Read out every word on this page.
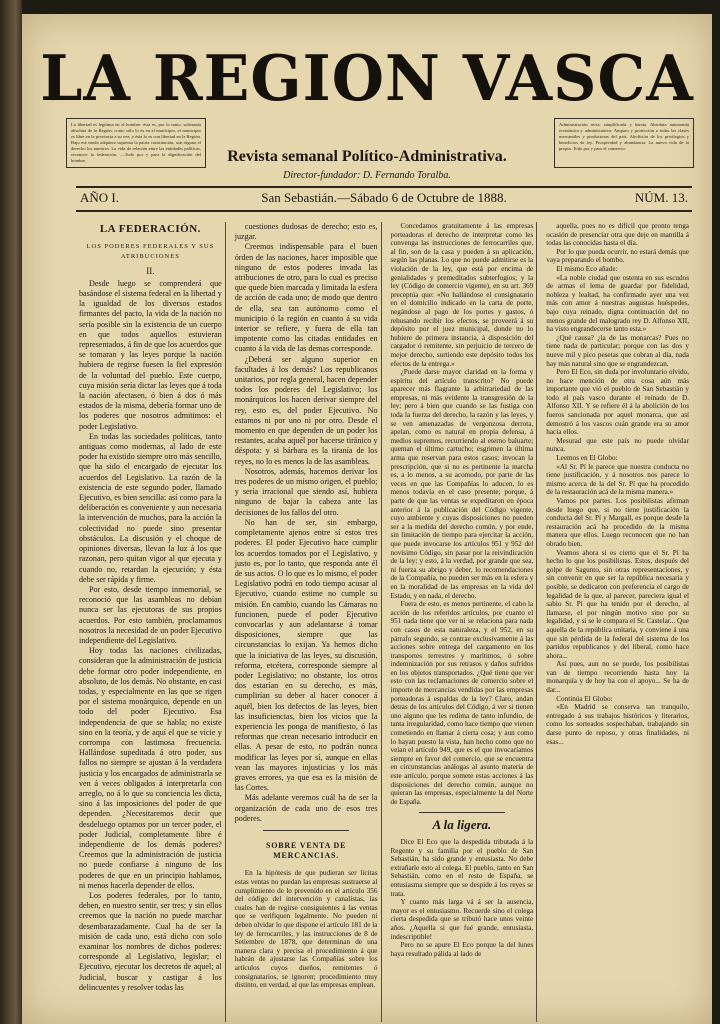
LA REGION VASCA
La libertad es legítima en el hombre: ésta es, por lo tanto, soberanía absoluta de la Región, como sólo lo es en el municipio, el municipio es libre en la provincia a su vez, y ésta lo es con libertad en la Región. Bajo ese modo adquiere suprema la patria constitución, son órgano el derecho los nuestros. La vida de relación entre las entidades políticas, reconoce la federación. —Todo por y para la dignificación del hombre.
Administración recta, simplificada y barata. Absoluta autonomía económica y administrativa. Amparo y protección a todas las clases mercantiles y productoras del país. Abolición de los privilegios y beneficios de ley. Prosperidad y abundancia. La nueva vida de la propia. Todo por y para el comercio.
Revista semanal Político-Administrativa.
Director-fundador: D. Fernando Toralba.
AÑO I.	San Sebastián.—Sábado 6 de Octubre de 1888.	NÚM. 13.
LA FEDERACIÓN.
LOS PODERES FEDERALES Y SUS ATRIBUCIONES
II.

Desde luego se comprenderá que basándose el sistema federal en la libertad y la igualdad de los diversos estados firmantes del pacto, la vida de la nación no sería posible sin la existencia de un cuerpo en que todos aquellos estuvieran representados, á fin de que los acuerdos que se tomaran y las leyes porque la nación hubiera de regirse fuesen la fiel expresión de la voluntad del pueblo. Este cuerpo, cuya misión sería dictar las leyes que á toda la nación afectasen, ó bien á dos ó más estados de la misma, debería formar uno de los poderes que nosotros admitimos: el poder Legislativo.

En todas las sociedades políticas, tanto antiguas como modernas, al lado de este poder ha existido siempre otro más sencillo, que ha sido el encargado de ejecutar los acuerdos del Legislativo. La razón de la existencia de este segundo poder, llamado Ejecutivo, es bien sencilla: así como para la deliberación es conveniente y aun necesaria la intervención de muchos, para la acción la colectividad no puede sino presentar obstáculos. La discusión y el choque de opiniones diversas, llevan la luz á los que razonan, pero quitan vigor al que ejecuta y cuando no, retardan la ejecución; y ésta debe ser rápida y firme.

Por esto, desde tiempo inmemorial, se reconoció que las asambleas no debían nunca ser las ejecutoras de sus propios acuerdos. Por esto también, proclamamos nosotros la necesidad de un poder Ejecutivo independiente del Legislativo.

Hoy todas las naciones civilizadas, consideran que la administración de justicia debe formar otro poder independiente, en absoluto, de los demás. No obstante, en casi todas, y especialmente en las que se rigen por el sistema monárquico, depende en un todo del poder Ejecutivo. Esa independencia de que se habla; no existe sino en la teoría, y de aquí el que se vicie y corrompa con lastimosa frecuencia. Hallándose supeditada á otro poder, sus fallos no siempre se ajustan á la verdadera justicia y los encargados de administrarla se ven á veces obligados á interpretarla con arreglo, no á lo que su conciencia les dicta, sino á las imposiciones del poder de que dependen. ¿Necesitaremos decir que desdeluego optamos por un tercer poder, el poder Judicial, completamente libre é independiente de los demás poderes? Creemos que la administración de justicia no puede confiarse á ninguno de los poderes de que en un principio hablamos, ni menos hacerla depender de ellos.

Los poderes federales, por lo tanto, deben, en nuestro sentir, ser tres; y sin ellos creemos que la nación no puede marchar desembarazadamente. Cual ha de ser la misión de cada uno, está dicho con solo examinar los nombres de dichos poderes: corresponde al Legislativo, legislar; el Ejecutivo, ejecutar los decretos de aquel; al Judicial, buscar y castigar á los delincuentes y resolver todas las

cuestiones dudosas de derecho; esto es, juzgar.

Creemos indispensable para el buen órden de las naciones, hacer imposible que ninguno de estos poderes invada las atribuciones de otro, para lo cual es preciso que quede bien marcada y limitada la esfera de acción de cada uno; de modo que dentro de ella, sea tan autónomo como el municipio ó la región en cuanto á su vida interior se refiere, y fuera de ella tan impotente como las citadas entidades en cuanto á la vida de las demas corresponde.

¿Deberá ser alguno superior en facultades á los demás? Los republicanos unitarios, por regla general, hacen depender todos los poderes del Legislativo; los monárquicos los hacen derivar siempre del rey, esto es, del poder Ejecutivo. No estamos ni por uno ni por otro. Desde el momento en que dependen de un poder los restantes, acaba aquél por hacerse tiránico y déspota: y si bárbara es la tiranía de los reyes, no lo es menos la de las asambleas.

Nosotros, además, hacemos derivar los tres poderes de un mismo origen, el pueblo; y sería irracional que siendo así, hubiera ninguno de bajar la cabeza ante las decisiones de los fallos del otro.

No han de ser, sin embargo, completamente ajenos entre sí estos tres poderes. El poder Ejecutivo hace cumplir los acuerdos tomados por el Legislativo, y justo es, por lo tanto, que responda ante él de sus actos. O lo que es lo mismo, el poder Legislativo podrá en todo tiempo acusar al Ejecutivo, cuando estime no cumple su misión. En cambio, cuando las Cámaras no funcionen, puede el poder Ejecutivo convocarlas y aun adelantarse á tomar disposiciones, siempre que las circunstancias lo exijan. Ya hemos dicho que la iniciativa de las leyes, su discusión, reforma, etcétera, corresponde siempre al poder Legislativo; no obstante, los otros dos estarían en su derecho, es más, cumplirían su deber al hacer conocer á aquél, bien los defectos de las leyes, bien las insuficiencias, bien los vicios que la experiencia les ponga de manifiesto, ó las reformas que crean necesario introducir en ellas. A pesar de esto, no podrán nunca modificar las leyes por sí, aunque en ellas vean las mayores injusticias y los más graves errores, ya que esa es la misión de las Cortes.

Más adelante veremos cuál ha de ser la organización de cada uno de esos tres poderes.

SOBRE VENTA DE MERCANCIAS.

En la hipótesis de que pudieran ser lícitas estas ventas no puedan las empresas sustraerse al cumplimiento de lo prevenido en el artículo 356 del código del intervención y canalistas, las cuales han de regirse consiguientes á las ventas que se verifiquen legalmente. No pueden ni deben olvidar lo que dispone el artículo 181 de la ley de ferrocarriles, y las instrucciones de 8 de Setiembre de 1878, que determinan de una manera clara y precisa el procedimiento á que habrán de ajustarse las Compañías sobre los artículos cuyos dueños, remitentes ó consignatarios, se ignoren; procedimiento muy distinto, en verdad, al que las empresas emplean.

Concedamos gratuitamente á las empresas porteadoras el derecho de interpretar como les convenga las instrucciones de ferrocarriles que, al fin, son de la casa y pueden á su aplicación, según las planas. Lo que no puede admitirse es la violación de la ley, que está por encima de genialidades y premeditados subterfugios; y la ley (Código de comercio vigente), en su art. 369 preceptúa que: «No hallándose el consignatario en el domicilio indicado en la carta de porte, negándose al pago de los portes y gastos, ó rehusando recibir los efectos, se proveerá á su depósito por el juez municipal, donde no lo hubiere de primera instancia, á disposición del cargador ó remitente, sin perjuicio de tercero de mejor derecho, surtiendo este depósito todos los efectos de la entrega.»

¿Puede darse mayor claridad en la forma y espíritu del artículo transcrito? No puede aparecer más flagrante la arbitrariedad de las empresas, ni más evidente la transgresión de la ley; pero á bien que cuando se las fustiga con toda la fuerza del derecho, la razón y las leyes, y se ven amenazadas de vergonzosa derrota, apelan, como es natural en propia defensa, á medios supremos, recurriendo al eterno baluarte; queman el último cartucho; esgrimen la última arma que reservan para estos casos; invocan la prescripción, que si no es pertinente la marcha es, a lo menos, a su acomodo, por parte de las veces en que las Compañías lo aducen, lo es menos todavía en el caso presente; porque, á parte de que las ventas se expeditaron en época anterior á la publicación del Código vigente, cuyo ambiente y cuyas disposiciones no pueden ser a la medida del derecho común, y por ende, sin limitación de tiempo para ejercitar la acción, que puede invocarse los artículos 951 y 952 del novísimo Código, sin pasar por la reivindicación de la ley; y esto, á la verdad, por grande que sea, ni fuerza su abrigo y deber, lo recomendaciones de la Compañía, no pueden ser más en la esfera y en la moralidad de las empresas en la vida del Estado, y en nada, el derecho.

Fuera de esto, es menos pertinente, el cabo la acción de los referidos artículos, por cuanto el 951 nada tiene que ver ni se relaciona para nada con casos de esta naturaleza, y el 952, en su párrafo segundo, se contrae exclusivamente á las acciones sobre entrega del cargamento en los transportes terrestres y marítimos, ó sobre indemnización por sus retrasos y daños sufridos en los objetos transportados. ¿Qué tiene que ver esto con las reclamaciones de comercio sobre el importe de mercancías vendidas por las empresas porteadoras á espaldas de la ley? Claro, andan detras de los artículos del Código, á ver si tienen uno alguno que les redima de tanto infundio, de tanta irregularidad, como hace tiempo que vienen cometiendo en llamar á cierta cosa; y aun como lo hayan puesto la vista, han hecho como que no veían el artículo 949, que es el que invocaríamos siempre en favor del comercio, que se encuentra en circunstancias análogas al asunto materia de este artículo, porque somete estas acciones á las disposiciones del derecho común, aunque no quieran las empresas, especialmente la del Norte de España.

A la ligera.

Dice El Eco que la despedida tributada á la Regente y su familia por el pueblo de San Sebastián, ha sido grande y entusiasta. No debe extrañarle esto al colega. El pueblo, tanto en San Sebastián, como en el resto de España, se entusiasma siempre que se despide á los reyes se trata.

Y cuanto más larga vá á ser la ausencia, mayor es el entusiasmo. Recuerde sino el colega cierta despedida que se tributó hace unos veinte años. ¿Aquella si que fué grande, entusiasta, indescriptible!

Pero no se apure El Eco porque la del lunes haya resultado pálida al lado de

aquella, pues no es difícil que pronto tenga ocasión de presenciar otra que deje en mantilla á todas las conocidas hasta el día.

Por lo que pueda ocurrir, no estará demás que vaya preparando el bombo.

El mismo Eco añade:

«La noble ciudad que ostenta en sus escudos de armas el lema de guardar por fidelidad, nobleza y lealtad, ha confirmado ayer una vez más con amor á nuestras augustas huéspedes, bajo cuya reinado, digna continuación del no menos grande del malogrado rey D. Alfonso XII, ha visto engrandecerse tanto esta.»

¿Qué causa? ¿la de las monarcas? Pues no tiene nada de particular; porque con las dos y nueve mil y pico pesetas que cobran al día, nada hay más natural sino que se engrandezcan.

Pero El Eco, sin duda por involuntario olvido, no hace mención de otra cosa aún más importante que vió el pueblo de San Sebastián y todo el país vasco durante el reinado de D. Alfonso XII. Y se refiere él á la abolición de los fueros sancionada por aquel monarca, que así demostró á los vascos cuán grande era su amor hacia ellos.

Mesurad que este país no puede olvidar nunca.

Leemos en El Globo:

«Al Sr. Pí le parece que nuestra conducta no tiene justificación, y á nosotros nos parece lo mismo acerca de la del Sr. Pí que ha procedido de la restauración acá de la misma manera.»

Vamos por partes. Los posibilistas afirman desde luego que, si no tiene justificación la conducta del Sr. Pí y Margall, es porque desde la restauración acá ha procedido de la misma manera que ellos. Luego reconocen que no han obrado bien.

Veamos ahora si es cierto que el Sr. Pí ha hecho lo que los posibilistas. Estos, después del golpe de Sagunto, sin otras representaciones, y sin convenir en que ser la república necesaria y posible, se dedicaron con preferencia el cargo de legalidad de la que, al parecer, pareciera igual el sabio Sr. Pí que ha tenido por el derecho, al llamarse, el por ningún motivo sino por su legalidad, y si se le compara el Sr. Castelar... Que aquella de la república unitaria, y conviene á una que sin pérdida de la federal del sistema de los partidos republicanos y del liberal, como hace ahora...

Así pues, aun no se puede, los posibilistas van de tiempo recorriendo hasta hoy la monarquía y de hoy ha con el apoyo... Se ha de dar...

Continúa El Globo:

«En Madrid se conserva tan tranquilo, entregado á sus trabajos históricos y literarios, como los sorteados sospechaban, trabajando sin darse punto de reposo, y otras finalidades, ni esas...
